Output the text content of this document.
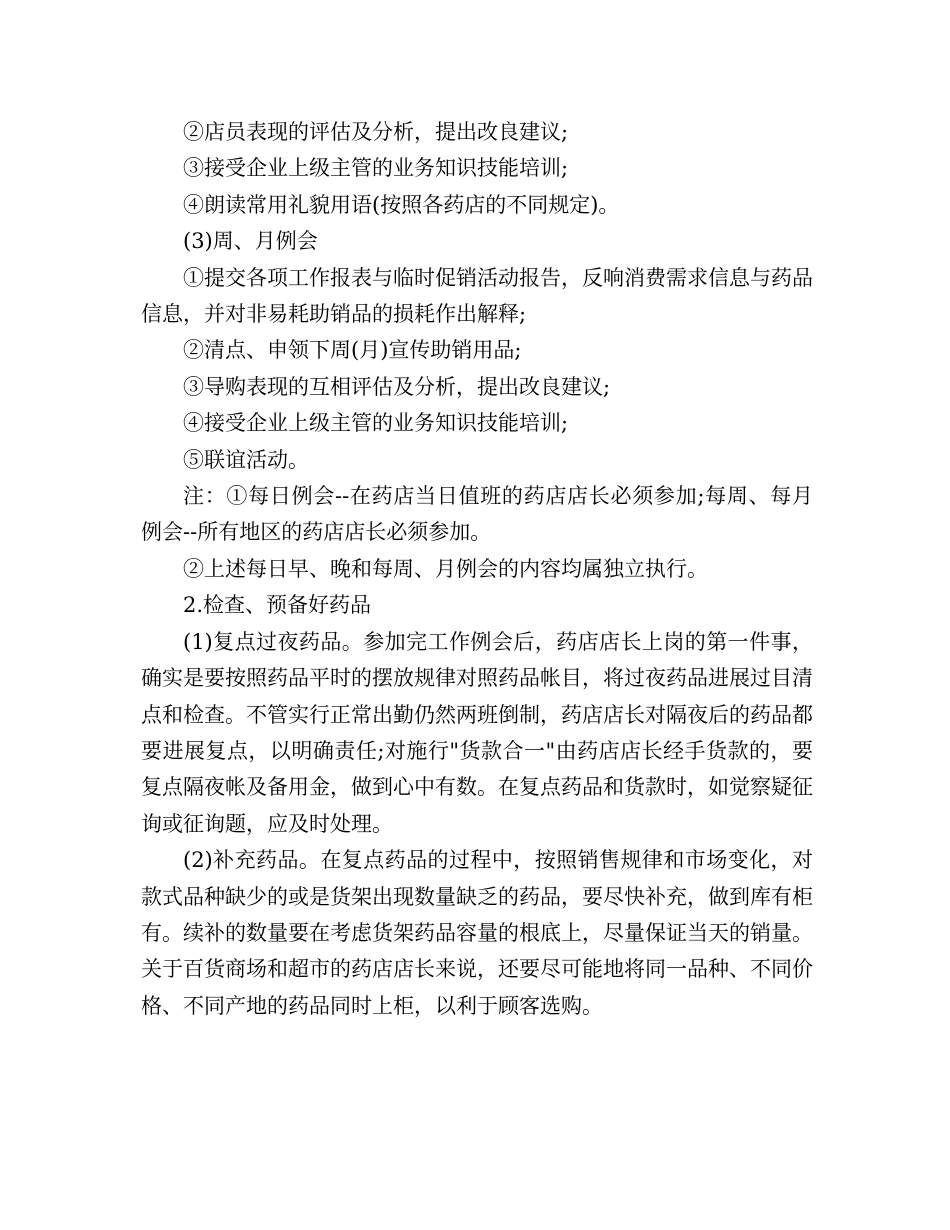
②店员表现的评估及分析，提出改良建议;

③接受企业上级主管的业务知识技能培训;

④朗读常用礼貌用语(按照各药店的不同规定)。

(3)周、月例会

①提交各项工作报表与临时促销活动报告，反响消费需求信息与药品信息，并对非易耗助销品的损耗作出解释;

②清点、申领下周(月)宣传助销用品;

③导购表现的互相评估及分析，提出改良建议;

④接受企业上级主管的业务知识技能培训;

⑤联谊活动。

注：①每日例会--在药店当日值班的药店店长必须参加;每周、每月例会--所有地区的药店店长必须参加。

②上述每日早、晚和每周、月例会的内容均属独立执行。

2.检查、预备好药品

(1)复点过夜药品。参加完工作例会后，药店店长上岗的第一件事，确实是要按照药品平时的摆放规律对照药品帐目，将过夜药品进展过目清点和检查。不管实行正常出勤仍然两班倒制，药店店长对隔夜后的药品都要进展复点，以明确责任;对施行"货款合一"由药店店长经手货款的，要复点隔夜帐及备用金，做到心中有数。在复点药品和货款时，如觉察疑征询或征询题，应及时处理。

(2)补充药品。在复点药品的过程中，按照销售规律和市场变化，对款式品种缺少的或是货架出现数量缺乏的药品，要尽快补充，做到库有柜有。续补的数量要在考虑货架药品容量的根底上，尽量保证当天的销量。关于百货商场和超市的药店店长来说，还要尽可能地将同一品种、不同价格、不同产地的药品同时上柜，以利于顾客选购。
